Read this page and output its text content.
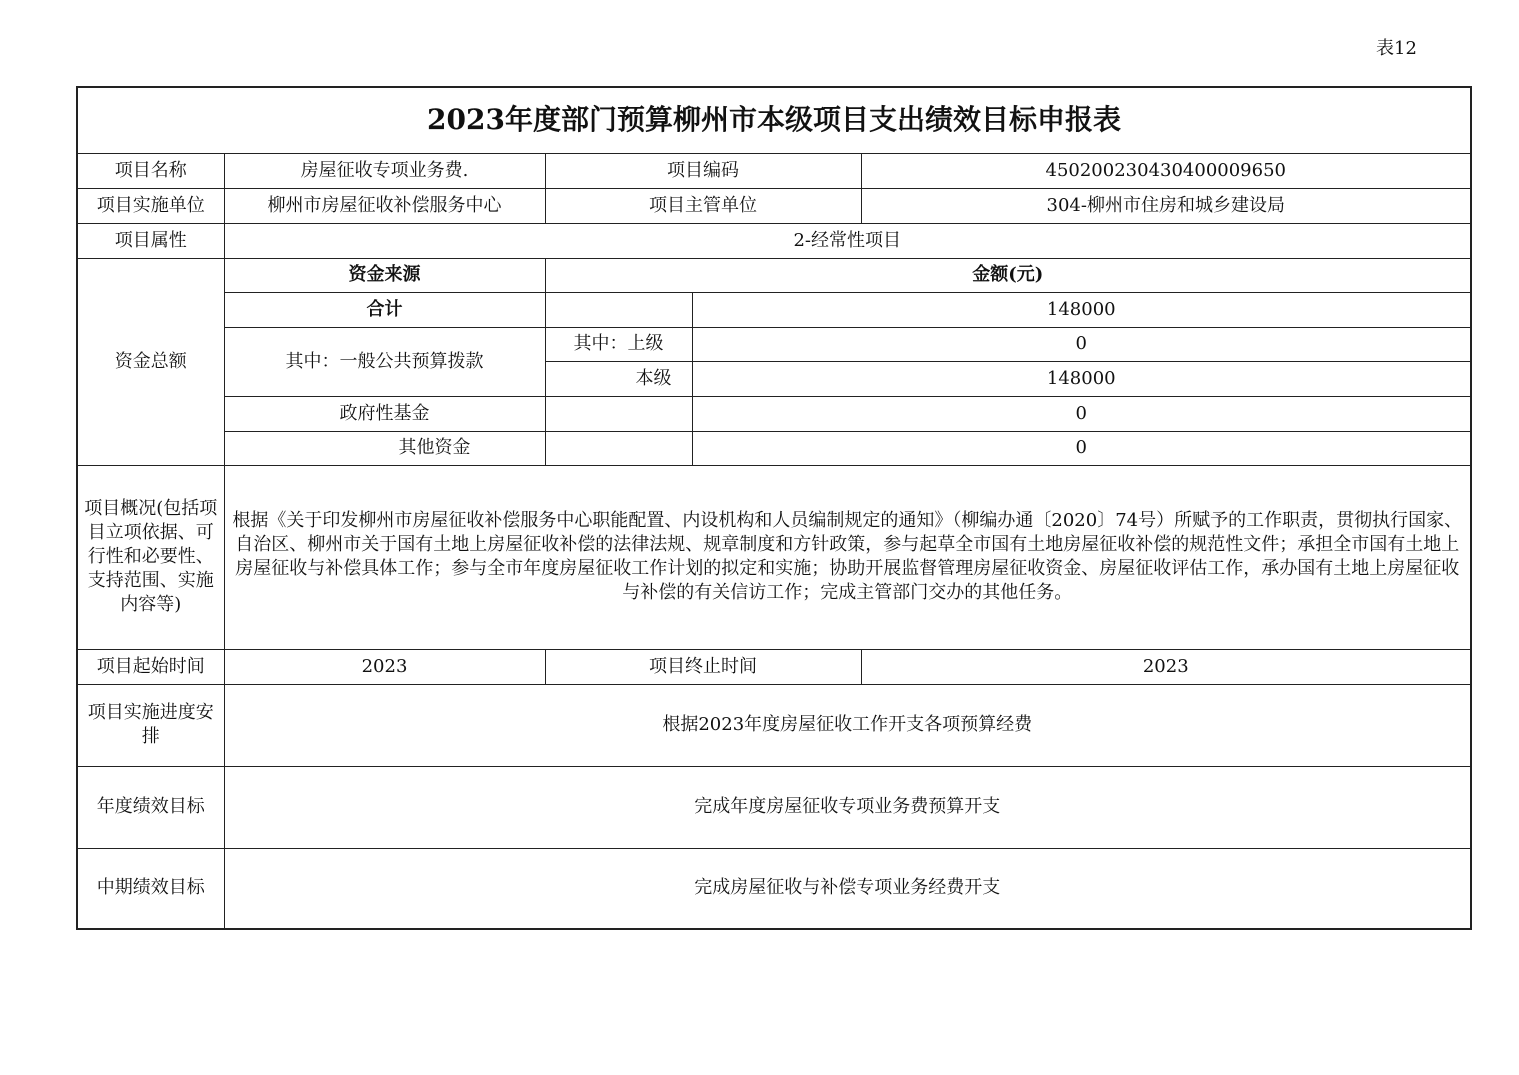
表12
2023年度部门预算柳州市本级项目支出绩效目标申报表				
项目名称	房屋征收专项业务费.	项目编码		450200230430400009650
项目实施单位	柳州市房屋征收补偿服务中心	项目主管单位		304-柳州市住房和城乡建设局
项目属性	2-经常性项目			
资金总额	资金来源	金额(元)		
	合计		148000	
	其中：一般公共预算拨款	其中：上级	0	
		本级	148000	
	政府性基金		0	
	其他资金		0	
项目概况(包括项目立项依据、可行性和必要性、支持范围、实施内容等)	根据《关于印发柳州市房屋征收补偿服务中心职能配置、内设机构和人员编制规定的通知》（柳编办通〔2020〕74号）所赋予的工作职责，贯彻执行国家、自治区、柳州市关于国有土地上房屋征收补偿的法律法规、规章制度和方针政策，参与起草全市国有土地房屋征收补偿的规范性文件；承担全市国有土地上房屋征收与补偿具体工作；参与全市年度房屋征收工作计划的拟定和实施；协助开展监督管理房屋征收资金、房屋征收评估工作，承办国有土地上房屋征收与补偿的有关信访工作；完成主管部门交办的其他任务。			
项目起始时间	2023	项目终止时间		2023
项目实施进度安排	根据2023年度房屋征收工作开支各项预算经费			
年度绩效目标	完成年度房屋征收专项业务费预算开支			
中期绩效目标	完成房屋征收与补偿专项业务经费开支			
